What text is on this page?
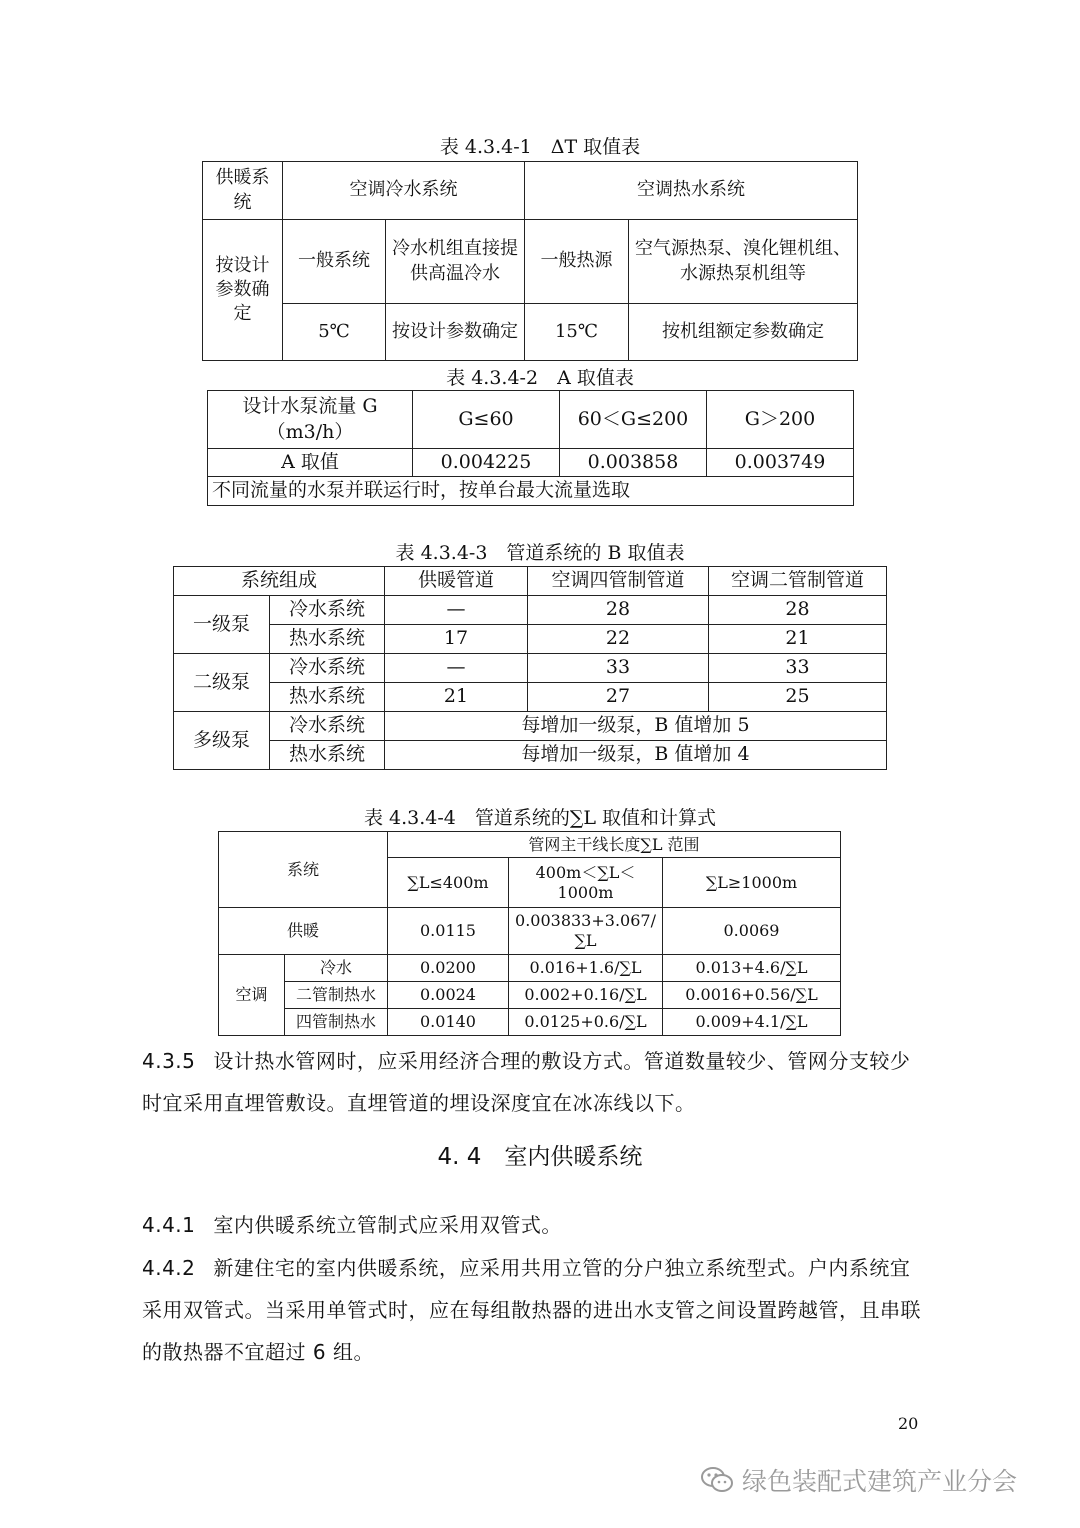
表 4.3.4-1　ΔT 取值表
供暖系统	空调冷水系统		空调热水系统	
按设计参数确定	一般系统	冷水机组直接提供高温冷水	一般热源	空气源热泵、溴化锂机组、水源热泵机组等
	5℃	按设计参数确定	15℃	按机组额定参数确定
表 4.3.4-2　A 取值表
设计水泵流量 G（m3/h）	G≤60	60＜G≤200	G＞200
A 取值	0.004225	0.003858	0.003749
不同流量的水泵并联运行时，按单台最大流量选取			
表 4.3.4-3　管道系统的 B 取值表
系统组成		供暖管道	空调四管制管道	空调二管制管道
一级泵	冷水系统	—	28	28
	热水系统	17	22	21
二级泵	冷水系统	—	33	33
	热水系统	21	27	25
多级泵	冷水系统	每增加一级泵，B 值增加 5		
	热水系统	每增加一级泵，B 值增加 4		
表 4.3.4-4　管道系统的∑L 取值和计算式
系统		管网主干线长度∑L 范围		
		∑L≤400m	400m＜∑L＜1000m	∑L≥1000m
供暖		0.0115	0.003833+3.067/∑L	0.0069
空调	冷水	0.0200	0.016+1.6/∑L	0.013+4.6/∑L
	二管制热水	0.0024	0.002+0.16/∑L	0.0016+0.56/∑L
	四管制热水	0.0140	0.0125+0.6/∑L	0.009+4.1/∑L
4.3.5 设计热水管网时，应采用经济合理的敷设方式。管道数量较少、管网分支较少时宜采用直埋管敷设。直埋管道的埋设深度宜在冰冻线以下。
4. 4　室内供暖系统
4.4.1 室内供暖系统立管制式应采用双管式。
4.4.2 新建住宅的室内供暖系统，应采用共用立管的分户独立系统型式。户内系统宜采用双管式。当采用单管式时，应在每组散热器的进出水支管之间设置跨越管，且串联的散热器不宜超过 6 组。
20
绿色装配式建筑产业分会
